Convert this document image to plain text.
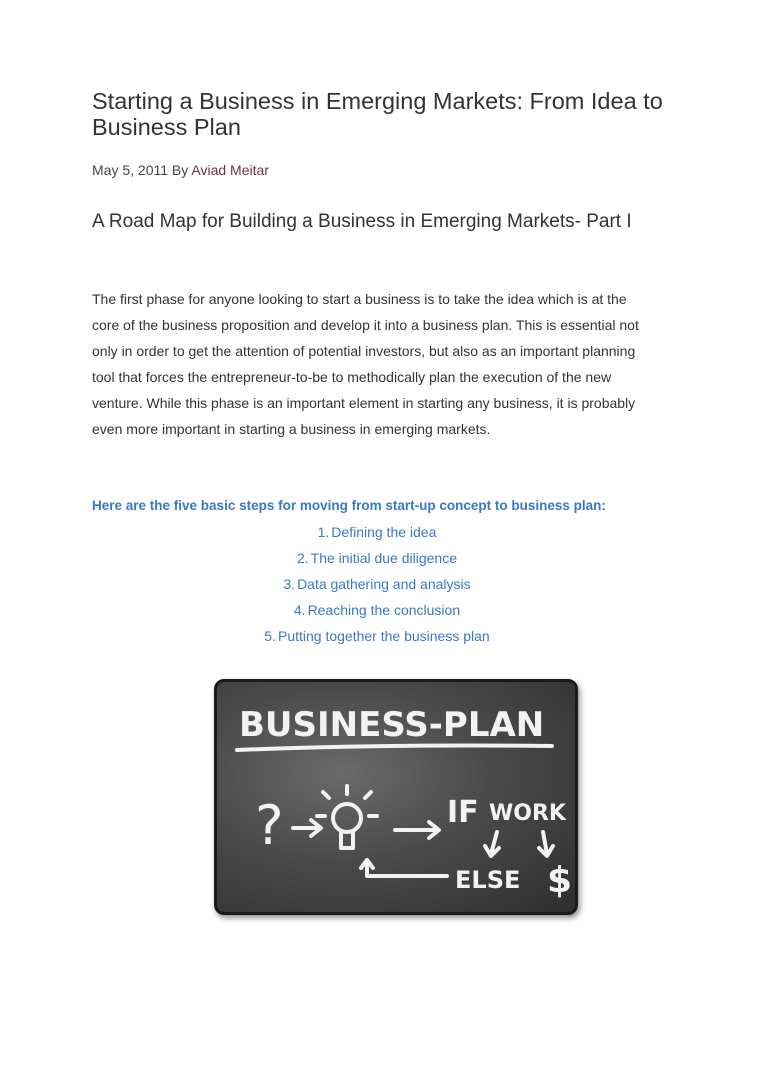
Starting a Business in Emerging Markets: From Idea to Business Plan
May 5, 2011 By Aviad Meitar
A Road Map for Building a Business in Emerging Markets- Part I

The first phase for anyone looking to start a business is to take the idea which is at the
core of the business proposition and develop it into a business plan. This is essential not
only in order to get the attention of potential investors, but also as an important planning
tool that forces the entrepreneur-to-be to methodically plan the execution of the new
venture. While this phase is an important element in starting any business, it is probably
even more important in starting a business in emerging markets.

Here are the five basic steps for moving from start-up concept to business plan:
1. Defining the idea
2. The initial due diligence
3. Data gathering and analysis
4. Reaching the conclusion
5. Putting together the business plan
BUSINESS-PLAN
?	IF WORK
ELSE $
